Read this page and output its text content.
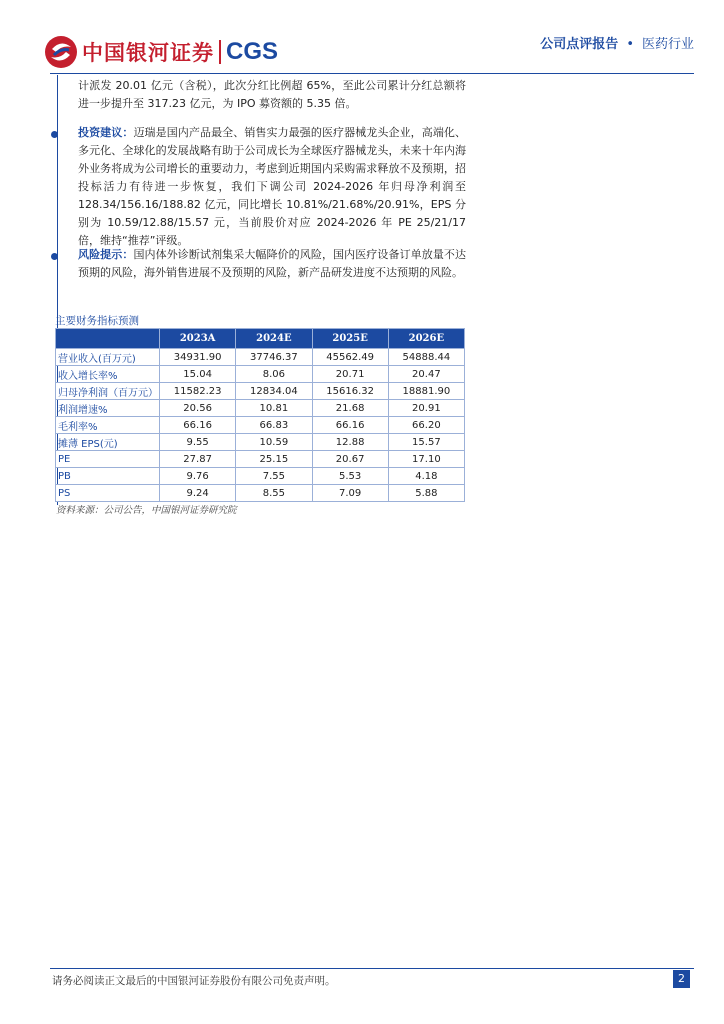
中国银河证券 CGS	公司点评报告 • 医药行业
计派发 20.01 亿元（含税），此次分红比例超 65%，至此公司累计分红总额将进一步提升至 317.23 亿元，为 IPO 募资额的 5.35 倍。
投资建议：迈瑞是国内产品最全、销售实力最强的医疗器械龙头企业，高端化、多元化、全球化的发展战略有助于公司成长为全球医疗器械龙头，未来十年内海外业务将成为公司增长的重要动力，考虑到近期国内采购需求释放不及预期，招投标活力有待进一步恢复，我们下调公司 2024-2026 年归母净利润至 128.34/156.16/188.82 亿元，同比增长 10.81%/21.68%/20.91%，EPS 分别为 10.59/12.88/15.57 元，当前股价对应 2024-2026 年 PE 25/21/17 倍，维持“推荐”评级。
风险提示：国内体外诊断试剂集采大幅降价的风险，国内医疗设备订单放量不达预期的风险，海外销售进展不及预期的风险，新产品研发进度不达预期的风险。
主要财务指标预测
	2023A	2024E	2025E	2026E
营业收入(百万元)	34931.90	37746.37	45562.49	54888.44
收入增长率%	15.04	8.06	20.71	20.47
归母净利润（百万元）	11582.23	12834.04	15616.32	18881.90
利润增速%	20.56	10.81	21.68	20.91
毛利率%	66.16	66.83	66.16	66.20
摊薄 EPS(元)	9.55	10.59	12.88	15.57
PE	27.87	25.15	20.67	17.10
PB	9.76	7.55	5.53	4.18
PS	9.24	8.55	7.09	5.88
资料来源：公司公告，中国银河证券研究院
请务必阅读正文最后的中国银河证券股份有限公司免责声明。	2
